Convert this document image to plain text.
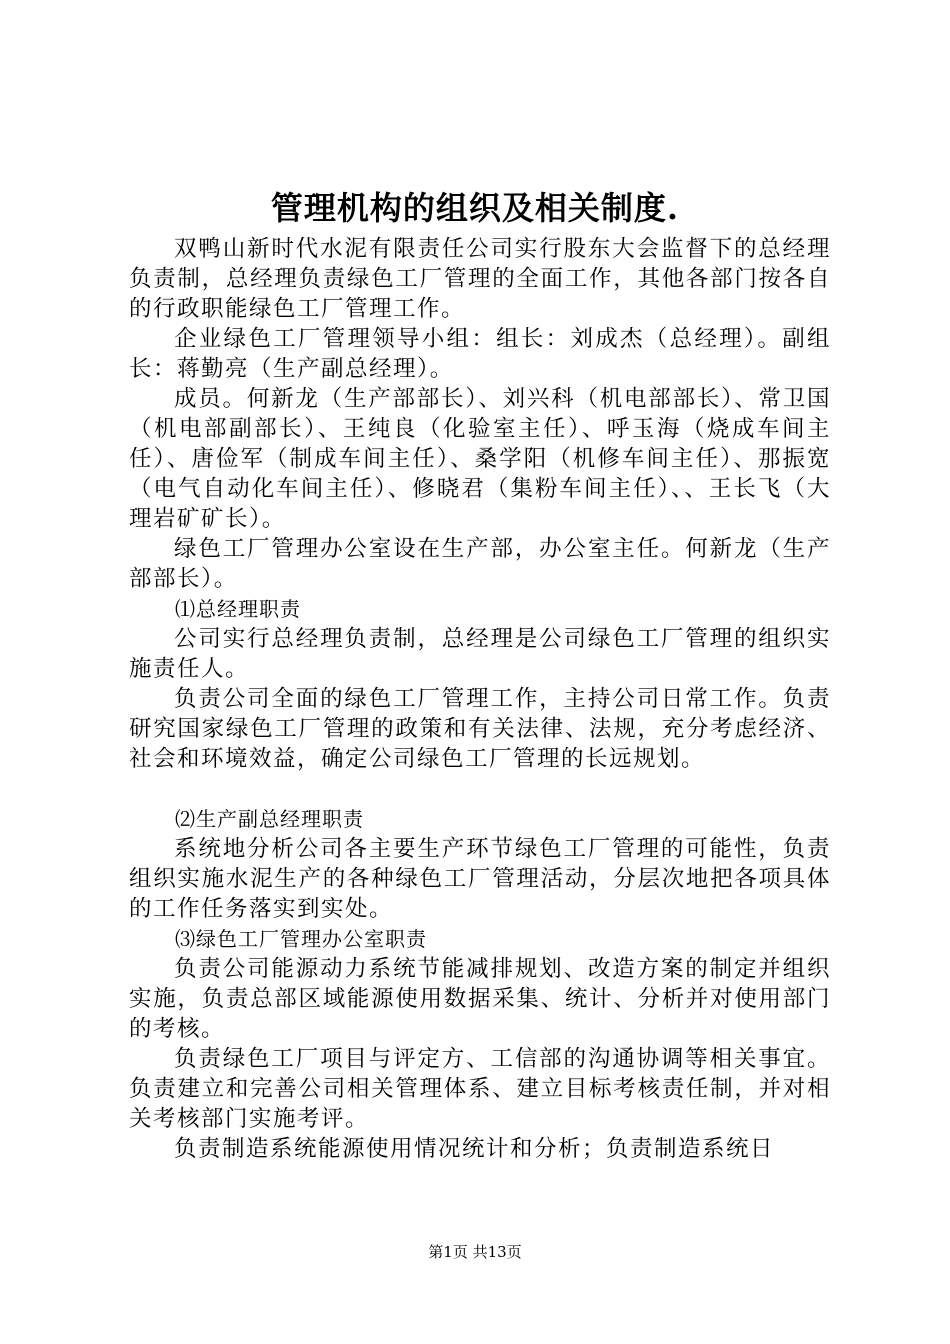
管理机构的组织及相关制度.

双鸭山新时代水泥有限责任公司实行股东大会监督下的总经理负责制，总经理负责绿色工厂管理的全面工作，其他各部门按各自的行政职能绿色工厂管理工作。

企业绿色工厂管理领导小组：组长：刘成杰（总经理）。副组长：蒋勤亮（生产副总经理）。

成员。何新龙（生产部部长）、刘兴科（机电部部长）、常卫国（机电部副部长）、王纯良（化验室主任）、呼玉海（烧成车间主任）、唐俭军（制成车间主任）、桑学阳（机修车间主任）、那振宽（电气自动化车间主任）、修晓君（集粉车间主任）、、王长飞（大理岩矿矿长）。

绿色工厂管理办公室设在生产部，办公室主任。何新龙（生产部部长）。

⑴总经理职责

公司实行总经理负责制，总经理是公司绿色工厂管理的组织实施责任人。

负责公司全面的绿色工厂管理工作，主持公司日常工作。负责研究国家绿色工厂管理的政策和有关法律、法规，充分考虑经济、社会和环境效益，确定公司绿色工厂管理的长远规划。

⑵生产副总经理职责

系统地分析公司各主要生产环节绿色工厂管理的可能性，负责组织实施水泥生产的各种绿色工厂管理活动，分层次地把各项具体的工作任务落实到实处。

⑶绿色工厂管理办公室职责

负责公司能源动力系统节能减排规划、改造方案的制定并组织实施，负责总部区域能源使用数据采集、统计、分析并对使用部门的考核。

负责绿色工厂项目与评定方、工信部的沟通协调等相关事宜。负责建立和完善公司相关管理体系、建立目标考核责任制，并对相关考核部门实施考评。

负责制造系统能源使用情况统计和分析；负责制造系统日

第1页 共13页
